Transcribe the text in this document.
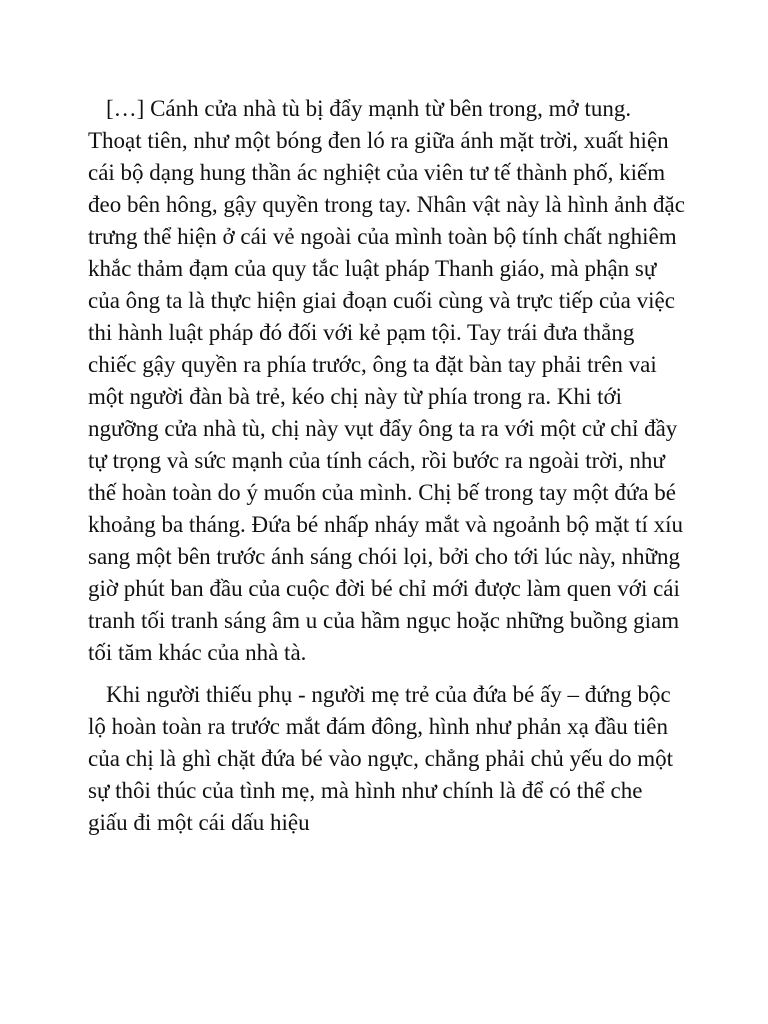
[…] Cánh cửa nhà tù bị đẩy mạnh từ bên trong, mở tung. Thoạt tiên, như một bóng đen ló ra giữa ánh mặt trời, xuất hiện cái bộ dạng hung thần ác nghiệt của viên tư tế thành phố, kiếm đeo bên hông, gậy quyền trong tay. Nhân vật này là hình ảnh đặc trưng thể hiện ở cái vẻ ngoài của mình toàn bộ tính chất nghiêm khắc thảm đạm của quy tắc luật pháp Thanh giáo, mà phận sự của ông ta là thực hiện giai đoạn cuối cùng và trực tiếp của việc thi hành luật pháp đó đối với kẻ pạm tội. Tay trái đưa thẳng chiếc gậy quyền ra phía trước, ông ta đặt bàn tay phải trên vai một người đàn bà trẻ, kéo chị này từ phía trong ra. Khi tới ngưỡng cửa nhà tù, chị này vụt đẩy ông ta ra với một cử chỉ đầy tự trọng và sức mạnh của tính cách, rồi bước ra ngoài trời, như thế hoàn toàn do ý muốn của mình. Chị bế trong tay một đứa bé khoảng ba tháng. Đứa bé nhấp nháy mắt và ngoảnh bộ mặt tí xíu sang một bên trước ánh sáng chói lọi, bởi cho tới lúc này, những giờ phút ban đầu của cuộc đời bé chỉ mới được làm quen với cái tranh tối tranh sáng âm u của hầm ngục hoặc những buồng giam tối tăm khác của nhà tà.

Khi người thiếu phụ - người mẹ trẻ của đứa bé ấy – đứng bộc lộ hoàn toàn ra trước mắt đám đông, hình như phản xạ đầu tiên của chị là ghì chặt đứa bé vào ngực, chẳng phải chủ yếu do một sự thôi thúc của tình mẹ, mà hình như chính là để có thể che giấu đi một cái dấu hiệu
